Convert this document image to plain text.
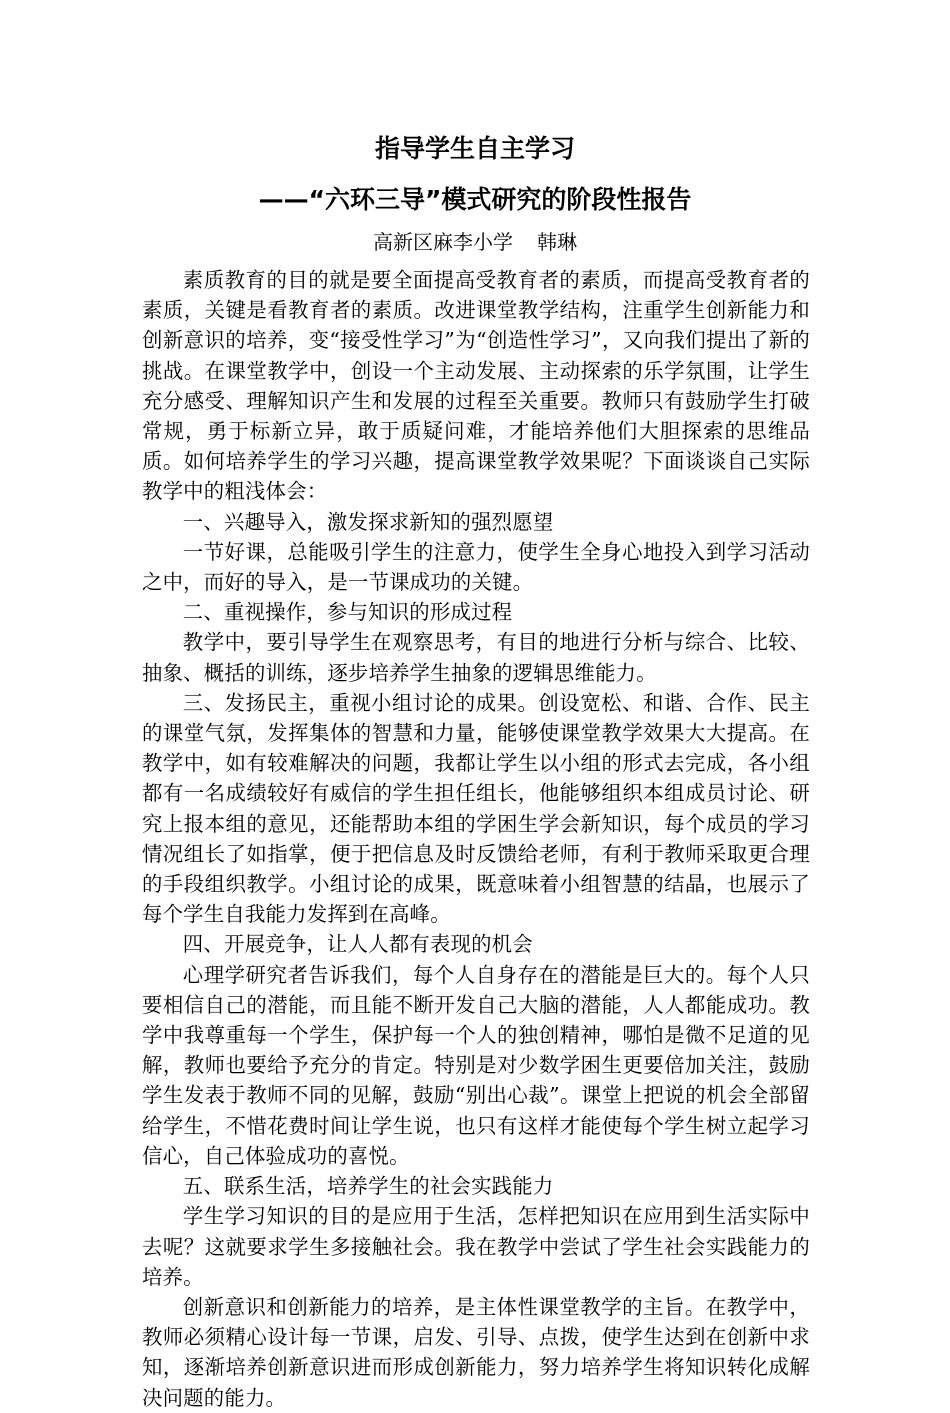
指导学生自主学习
——“六环三导”模式研究的阶段性报告
高新区麻李小学 韩琳

素质教育的目的就是要全面提高受教育者的素质，而提高受教育者的素质，关键是看教育者的素质。改进课堂教学结构，注重学生创新能力和创新意识的培养，变“接受性学习”为“创造性学习”，又向我们提出了新的挑战。在课堂教学中，创设一个主动发展、主动探索的乐学氛围，让学生充分感受、理解知识产生和发展的过程至关重要。教师只有鼓励学生打破常规，勇于标新立异，敢于质疑问难，才能培养他们大胆探索的思维品质。如何培养学生的学习兴趣，提高课堂教学效果呢？下面谈谈自己实际教学中的粗浅体会：

一、兴趣导入，激发探求新知的强烈愿望

一节好课，总能吸引学生的注意力，使学生全身心地投入到学习活动之中，而好的导入，是一节课成功的关键。

二、重视操作，参与知识的形成过程

教学中，要引导学生在观察思考，有目的地进行分析与综合、比较、抽象、概括的训练，逐步培养学生抽象的逻辑思维能力。

三、发扬民主，重视小组讨论的成果。创设宽松、和谐、合作、民主的课堂气氛，发挥集体的智慧和力量，能够使课堂教学效果大大提高。在教学中，如有较难解决的问题，我都让学生以小组的形式去完成，各小组都有一名成绩较好有威信的学生担任组长，他能够组织本组成员讨论、研究上报本组的意见，还能帮助本组的学困生学会新知识，每个成员的学习情况组长了如指掌，便于把信息及时反馈给老师，有利于教师采取更合理的手段组织教学。小组讨论的成果，既意味着小组智慧的结晶，也展示了每个学生自我能力发挥到在高峰。

四、开展竞争，让人人都有表现的机会

心理学研究者告诉我们，每个人自身存在的潜能是巨大的。每个人只要相信自己的潜能，而且能不断开发自己大脑的潜能，人人都能成功。教学中我尊重每一个学生，保护每一个人的独创精神，哪怕是微不足道的见解，教师也要给予充分的肯定。特别是对少数学困生更要倍加关注，鼓励学生发表于教师不同的见解，鼓励“别出心裁”。课堂上把说的机会全部留给学生，不惜花费时间让学生说，也只有这样才能使每个学生树立起学习信心，自己体验成功的喜悦。

五、联系生活，培养学生的社会实践能力

学生学习知识的目的是应用于生活，怎样把知识在应用到生活实际中去呢？这就要求学生多接触社会。我在教学中尝试了学生社会实践能力的培养。

创新意识和创新能力的培养，是主体性课堂教学的主旨。在教学中，教师必须精心设计每一节课，启发、引导、点拨，使学生达到在创新中求知，逐渐培养创新意识进而形成创新能力，努力培养学生将知识转化成解决问题的能力。
